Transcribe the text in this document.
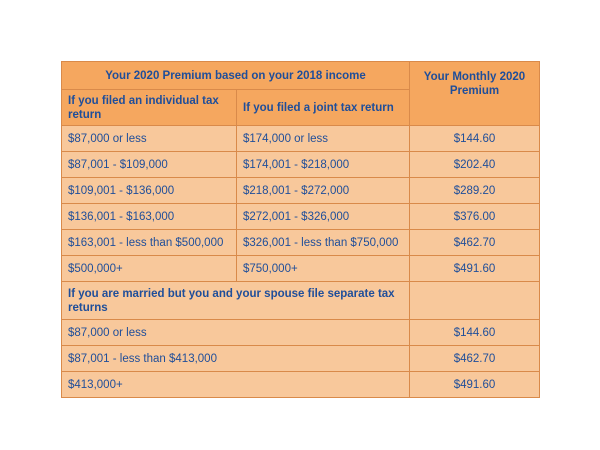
Your 2020 Premium based on your 2018 income		Your Monthly 2020 Premium
If you filed an individual tax return	If you filed a joint tax return	
$87,000 or less	$174,000 or less	$144.60
$87,001 - $109,000	$174,001 - $218,000	$202.40
$109,001 - $136,000	$218,001 - $272,000	$289.20
$136,001 - $163,000	$272,001 - $326,000	$376.00
$163,001 - less than $500,000	$326,001 - less than $750,000	$462.70
$500,000+	$750,000+	$491.60
If you are married but you and your spouse file separate tax returns		
$87,000 or less		$144.60
$87,001 - less than $413,000		$462.70
$413,000+		$491.60
